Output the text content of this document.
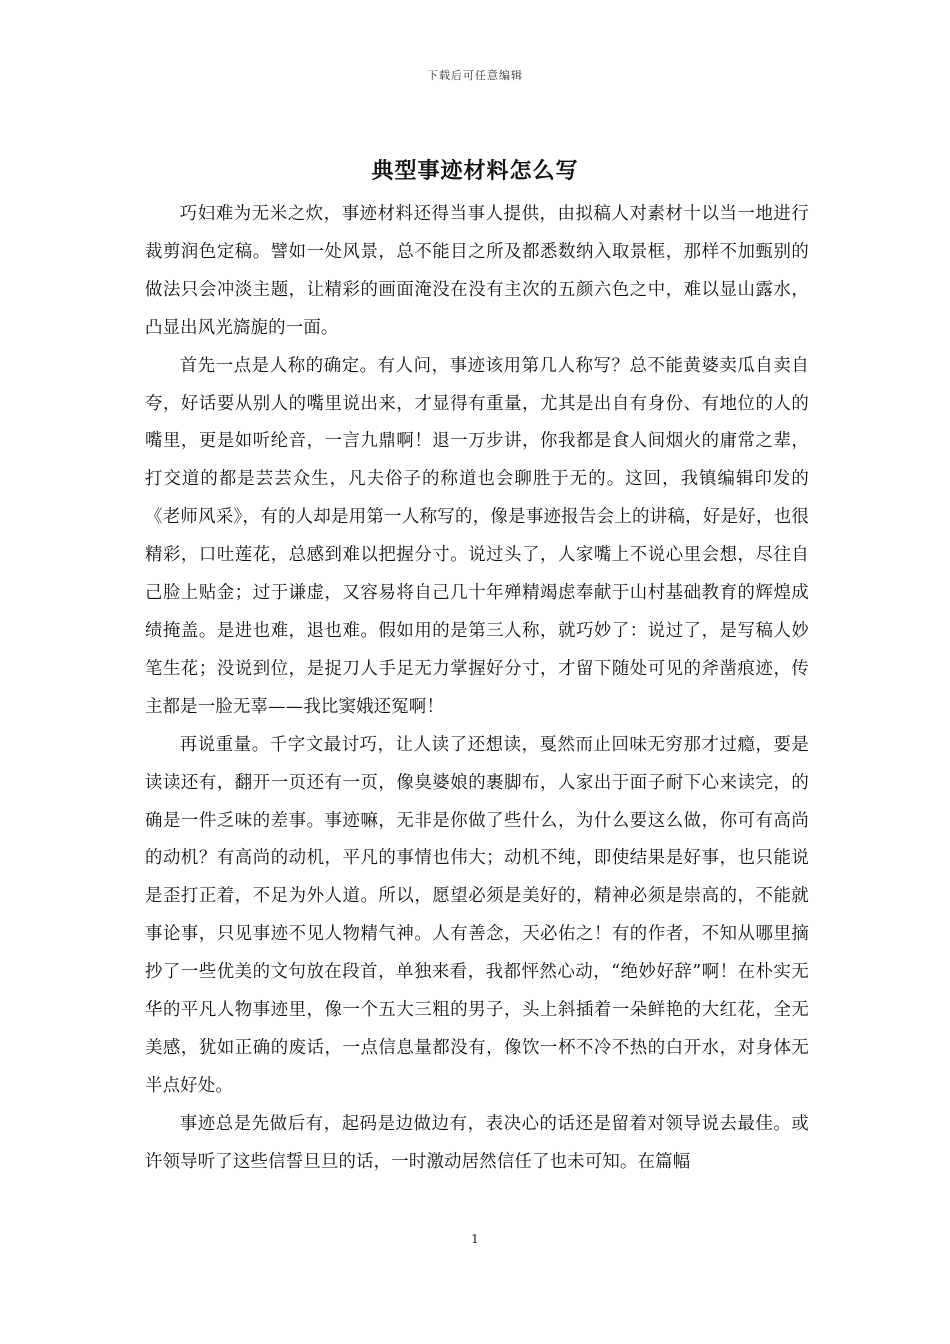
下载后可任意编辑
典型事迹材料怎么写

巧妇难为无米之炊，事迹材料还得当事人提供，由拟稿人对素材十以当一地进行裁剪润色定稿。譬如一处风景，总不能目之所及都悉数纳入取景框，那样不加甄别的做法只会冲淡主题，让精彩的画面淹没在没有主次的五颜六色之中，难以显山露水，凸显出风光旖旎的一面。

首先一点是人称的确定。有人问，事迹该用第几人称写？总不能黄婆卖瓜自卖自夸，好话要从别人的嘴里说出来，才显得有重量，尤其是出自有身份、有地位的人的嘴里，更是如听纶音，一言九鼎啊！退一万步讲，你我都是食人间烟火的庸常之辈，打交道的都是芸芸众生，凡夫俗子的称道也会聊胜于无的。这回，我镇编辑印发的《老师风采》，有的人却是用第一人称写的，像是事迹报告会上的讲稿，好是好，也很精彩，口吐莲花，总感到难以把握分寸。说过头了，人家嘴上不说心里会想，尽往自己脸上贴金；过于谦虚，又容易将自己几十年殚精竭虑奉献于山村基础教育的辉煌成绩掩盖。是进也难，退也难。假如用的是第三人称，就巧妙了：说过了，是写稿人妙笔生花；没说到位，是捉刀人手足无力掌握好分寸，才留下随处可见的斧凿痕迹，传主都是一脸无辜——我比窦娥还冤啊！

再说重量。千字文最讨巧，让人读了还想读，戛然而止回味无穷那才过瘾，要是读读还有，翻开一页还有一页，像臭婆娘的裹脚布，人家出于面子耐下心来读完，的确是一件乏味的差事。事迹嘛，无非是你做了些什么，为什么要这么做，你可有高尚的动机？有高尚的动机，平凡的事情也伟大；动机不纯，即使结果是好事，也只能说是歪打正着，不足为外人道。所以，愿望必须是美好的，精神必须是崇高的，不能就事论事，只见事迹不见人物精气神。人有善念，天必佑之！有的作者，不知从哪里摘抄了一些优美的文句放在段首，单独来看，我都怦然心动，“绝妙好辞”啊！在朴实无华的平凡人物事迹里，像一个五大三粗的男子，头上斜插着一朵鲜艳的大红花，全无美感，犹如正确的废话，一点信息量都没有，像饮一杯不冷不热的白开水，对身体无半点好处。

事迹总是先做后有，起码是边做边有，表决心的话还是留着对领导说去最佳。或许领导听了这些信誓旦旦的话，一时激动居然信任了也未可知。在篇幅

1
